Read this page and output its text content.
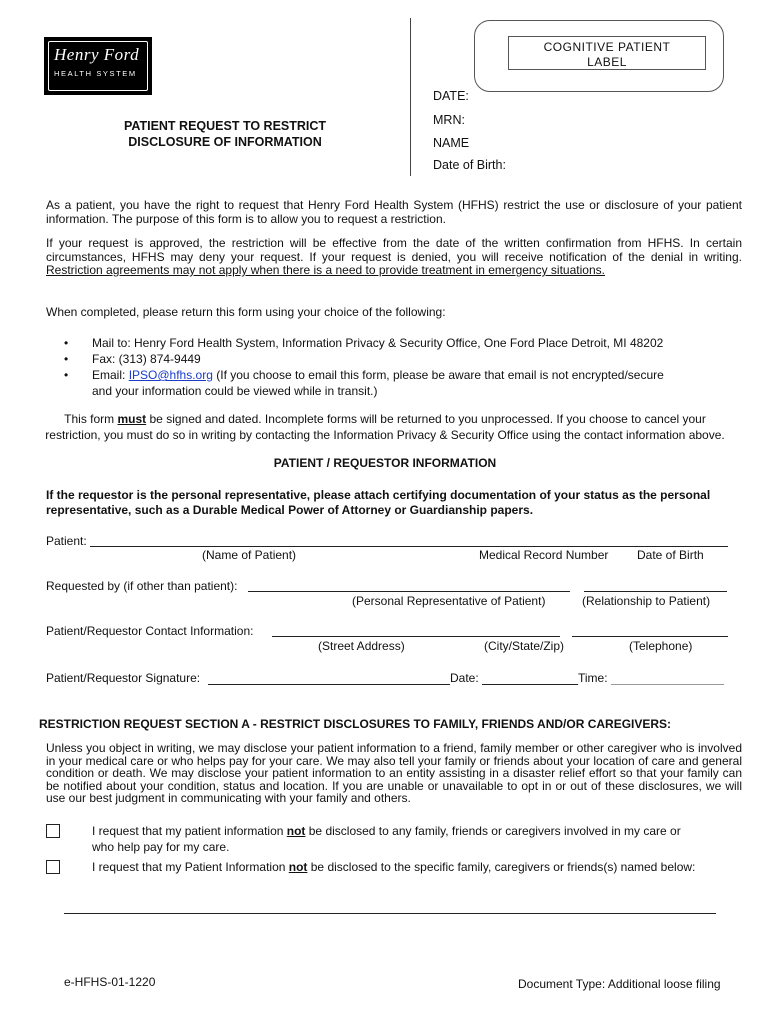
Henry Ford
HEALTH SYSTEM
COGNITIVE PATIENT
LABEL
PATIENT REQUEST TO RESTRICT
DISCLOSURE OF INFORMATION
DATE:
MRN:
NAME
Date of Birth:
As a patient, you have the right to request that Henry Ford Health System (HFHS) restrict the use or disclosure of your patient information. The purpose of this form is to allow you to request a restriction.
If your request is approved, the restriction will be effective from the date of the written confirmation from HFHS. In certain circumstances, HFHS may deny your request. If your request is denied, you will receive notification of the denial in writing. Restriction agreements may not apply when there is a need to provide treatment in emergency situations.
When completed, please return this form using your choice of the following:
• Mail to: Henry Ford Health System, Information Privacy & Security Office, One Ford Place Detroit, MI 48202
• Fax: (313) 874-9449
• Email: IPSO@hfhs.org (If you choose to email this form, please be aware that email is not encrypted/secure
and your information could be viewed while in transit.)
This form must be signed and dated. Incomplete forms will be returned to you unprocessed. If you choose to cancel your
restriction, you must do so in writing by contacting the Information Privacy & Security Office using the contact information above.
PATIENT / REQUESTOR INFORMATION
If the requestor is the personal representative, please attach certifying documentation of your status as the personal representative, such as a Durable Medical Power of Attorney or Guardianship papers.
Patient:
(Name of Patient)	Medical Record Number Date of Birth
Requested by (if other than patient):
(Personal Representative of Patient)	(Relationship to Patient)
Patient/Requestor Contact Information:
(Street Address)	(City/State/Zip)	(Telephone)
Patient/Requestor Signature:	Date:	Time:
RESTRICTION REQUEST SECTION A - RESTRICT DISCLOSURES TO FAMILY, FRIENDS AND/OR CAREGIVERS:
Unless you object in writing, we may disclose your patient information to a friend, family member or other caregiver who is involved in your medical care or who helps pay for your care. We may also tell your family or friends about your location of care and general condition or death. We may disclose your patient information to an entity assisting in a disaster relief effort so that your family can be notified about your condition, status and location. If you are unable or unavailable to opt in or out of these disclosures, we will use our best judgment in communicating with your family and others.
I request that my patient information not be disclosed to any family, friends or caregivers involved in my care or
who help pay for my care.
I request that my Patient Information not be disclosed to the specific family, caregivers or friends(s) named below:
e-HFHS-01-1220	Document Type: Additional loose filing
